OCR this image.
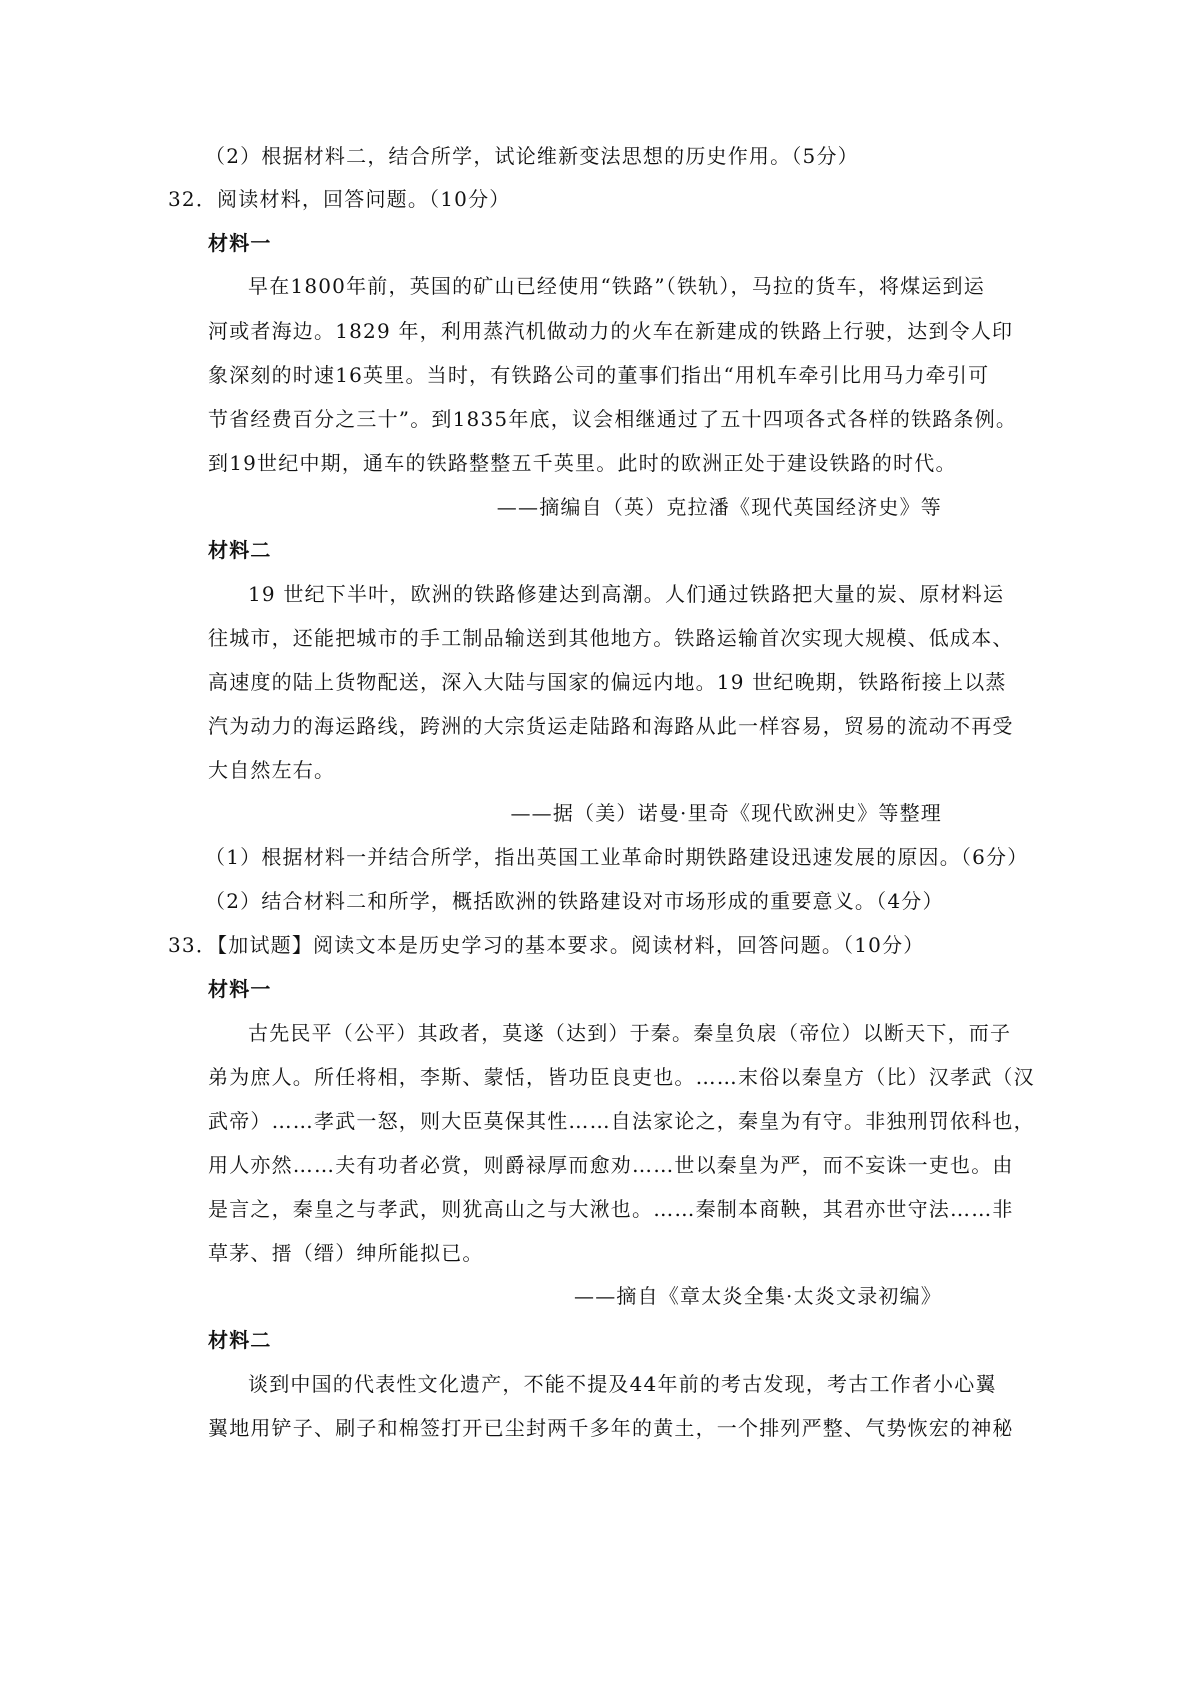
（2）根据材料二，结合所学，试论维新变法思想的历史作用。（5分）
32．阅读材料，回答问题。（10分）
材料一
早在1800年前，英国的矿山已经使用“铁路”（铁轨），马拉的货车，将煤运到运
河或者海边。1829 年，利用蒸汽机做动力的火车在新建成的铁路上行驶，达到令人印
象深刻的时速16英里。当时，有铁路公司的董事们指出“用机车牵引比用马力牵引可
节省经费百分之三十”。到1835年底，议会相继通过了五十四项各式各样的铁路条例。
到19世纪中期，通车的铁路整整五千英里。此时的欧洲正处于建设铁路的时代。
——摘编自（英）克拉潘《现代英国经济史》等
材料二
19 世纪下半叶，欧洲的铁路修建达到高潮。人们通过铁路把大量的炭、原材料运
往城市，还能把城市的手工制品输送到其他地方。铁路运输首次实现大规模、低成本、
高速度的陆上货物配送，深入大陆与国家的偏远内地。19 世纪晚期，铁路衔接上以蒸
汽为动力的海运路线，跨洲的大宗货运走陆路和海路从此一样容易，贸易的流动不再受
大自然左右。
——据（美）诺曼·里奇《现代欧洲史》等整理
（1）根据材料一并结合所学，指出英国工业革命时期铁路建设迅速发展的原因。（6分）
（2）结合材料二和所学，概括欧洲的铁路建设对市场形成的重要意义。（4分）
33．【加试题】阅读文本是历史学习的基本要求。阅读材料，回答问题。（10分）
材料一
古先民平（公平）其政者，莫遂（达到）于秦。秦皇负扆（帝位）以断天下，而子
弟为庶人。所任将相，李斯、蒙恬，皆功臣良吏也。……末俗以秦皇方（比）汉孝武（汉
武帝）……孝武一怒，则大臣莫保其性……自法家论之，秦皇为有守。非独刑罚依科也，
用人亦然……夫有功者必赏，则爵禄厚而愈劝……世以秦皇为严，而不妄诛一吏也。由
是言之，秦皇之与孝武，则犹高山之与大湫也。……秦制本商鞅，其君亦世守法……非
草茅、搢（缙）绅所能拟已。
——摘自《章太炎全集·太炎文录初编》
材料二
谈到中国的代表性文化遗产，不能不提及44年前的考古发现，考古工作者小心翼
翼地用铲子、刷子和棉签打开已尘封两千多年的黄土，一个排列严整、气势恢宏的神秘
